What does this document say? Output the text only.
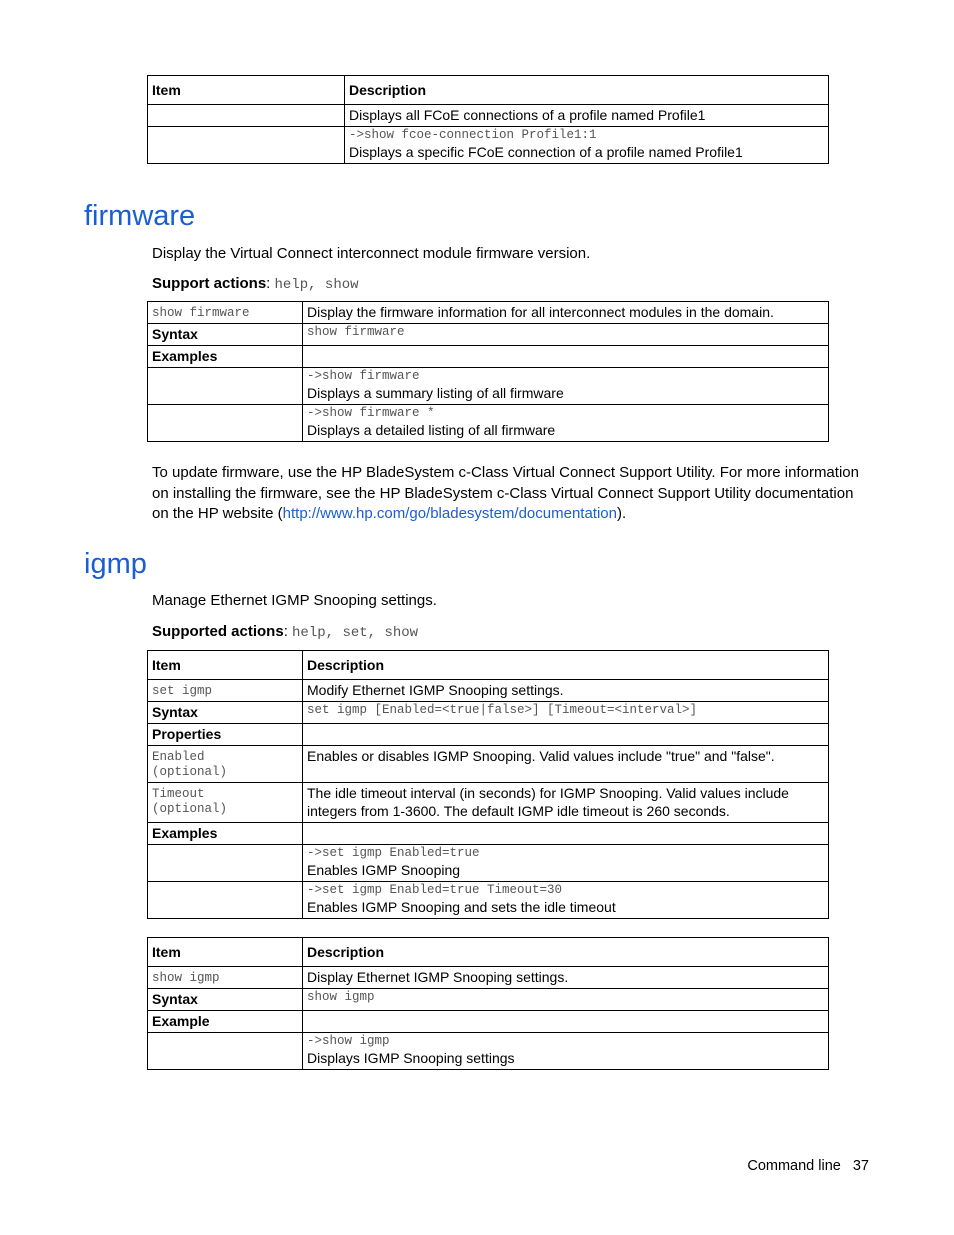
Item	Description
	Displays all FCoE connections of a profile named Profile1

	->show fcoe-connection Profile1:1
Displays a specific FCoE connection of a profile named Profile1
firmware
Display the Virtual Connect interconnect module firmware version.
Support actions: help, show
show firmware	Display the firmware information for all interconnect modules in the domain.
Syntax	show firmware

Examples	

	->show firmware
Displays a summary listing of all firmware

	->show firmware *
Displays a detailed listing of all firmware
To update firmware, use the HP BladeSystem c-Class Virtual Connect Support Utility. For more information on installing the firmware, see the HP BladeSystem c-Class Virtual Connect Support Utility documentation on the HP website (http://www.hp.com/go/bladesystem/documentation).
igmp
Manage Ethernet IGMP Snooping settings.
Supported actions: help, set, show
Item	Description

set igmp	Modify Ethernet IGMP Snooping settings.
Syntax	set igmp [Enabled=<true|false>] [Timeout=<interval>]

Properties	

Enabled
(optional)	Enables or disables IGMP Snooping. Valid values include "true" and "false".

Timeout
(optional)	The idle timeout interval (in seconds) for IGMP Snooping. Valid values include integers from 1-3600. The default IGMP idle timeout is 260 seconds.
Examples	

	->set igmp Enabled=true
Enables IGMP Snooping

	->set igmp Enabled=true Timeout=30
Enables IGMP Snooping and sets the idle timeout
Item	Description

show igmp	Display Ethernet IGMP Snooping settings.
Syntax	show igmp

Example	

	->show igmp
Displays IGMP Snooping settings
Command line 37
